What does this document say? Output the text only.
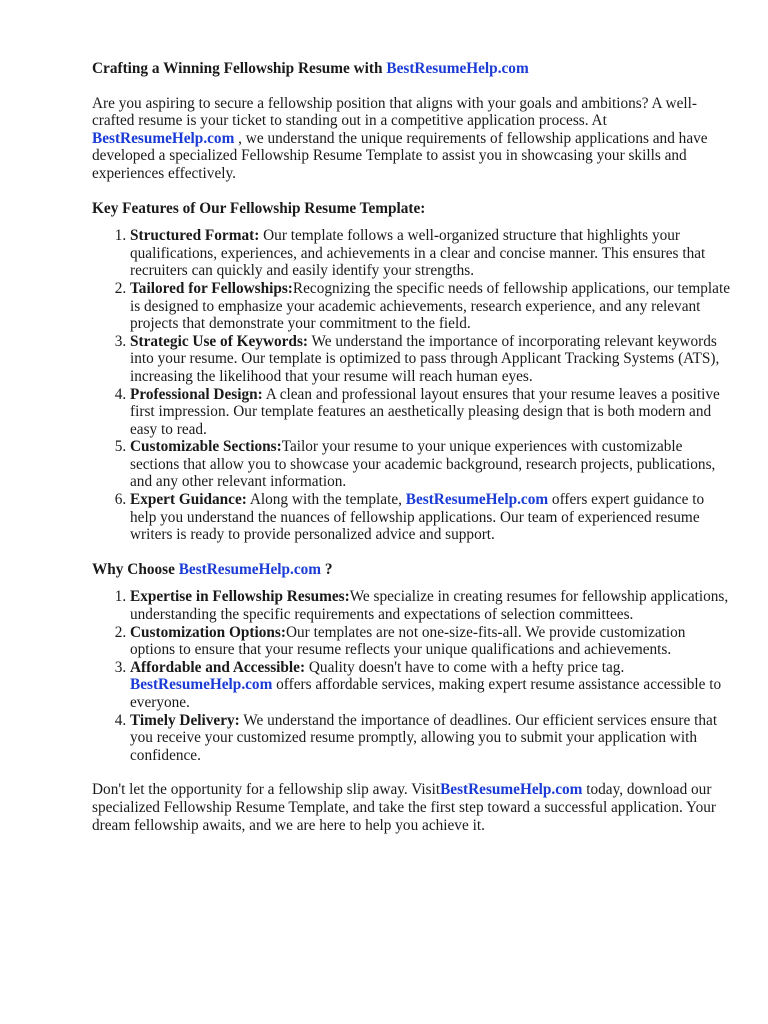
Crafting a Winning Fellowship Resume with BestResumeHelp.com

Are you aspiring to secure a fellowship position that aligns with your goals and ambitions? A well-crafted resume is your ticket to standing out in a competitive application process. At BestResumeHelp.com , we understand the unique requirements of fellowship applications and have developed a specialized Fellowship Resume Template to assist you in showcasing your skills and experiences effectively.

Key Features of Our Fellowship Resume Template:

1. Structured Format: Our template follows a well-organized structure that highlights your qualifications, experiences, and achievements in a clear and concise manner. This ensures that recruiters can quickly and easily identify your strengths.
2. Tailored for Fellowships:Recognizing the specific needs of fellowship applications, our template is designed to emphasize your academic achievements, research experience, and any relevant projects that demonstrate your commitment to the field.
3. Strategic Use of Keywords: We understand the importance of incorporating relevant keywords into your resume. Our template is optimized to pass through Applicant Tracking Systems (ATS), increasing the likelihood that your resume will reach human eyes.
4. Professional Design: A clean and professional layout ensures that your resume leaves a positive first impression. Our template features an aesthetically pleasing design that is both modern and easy to read.
5. Customizable Sections:Tailor your resume to your unique experiences with customizable sections that allow you to showcase your academic background, research projects, publications, and any other relevant information.
6. Expert Guidance: Along with the template, BestResumeHelp.com offers expert guidance to help you understand the nuances of fellowship applications. Our team of experienced resume writers is ready to provide personalized advice and support.

Why Choose BestResumeHelp.com ?

1. Expertise in Fellowship Resumes:We specialize in creating resumes for fellowship applications, understanding the specific requirements and expectations of selection committees.
2. Customization Options:Our templates are not one-size-fits-all. We provide customization options to ensure that your resume reflects your unique qualifications and achievements.
3. Affordable and Accessible: Quality doesn't have to come with a hefty price tag. BestResumeHelp.com offers affordable services, making expert resume assistance accessible to everyone.
4. Timely Delivery: We understand the importance of deadlines. Our efficient services ensure that you receive your customized resume promptly, allowing you to submit your application with confidence.

Don't let the opportunity for a fellowship slip away. VisitBestResumeHelp.com today, download our specialized Fellowship Resume Template, and take the first step toward a successful application. Your dream fellowship awaits, and we are here to help you achieve it.
